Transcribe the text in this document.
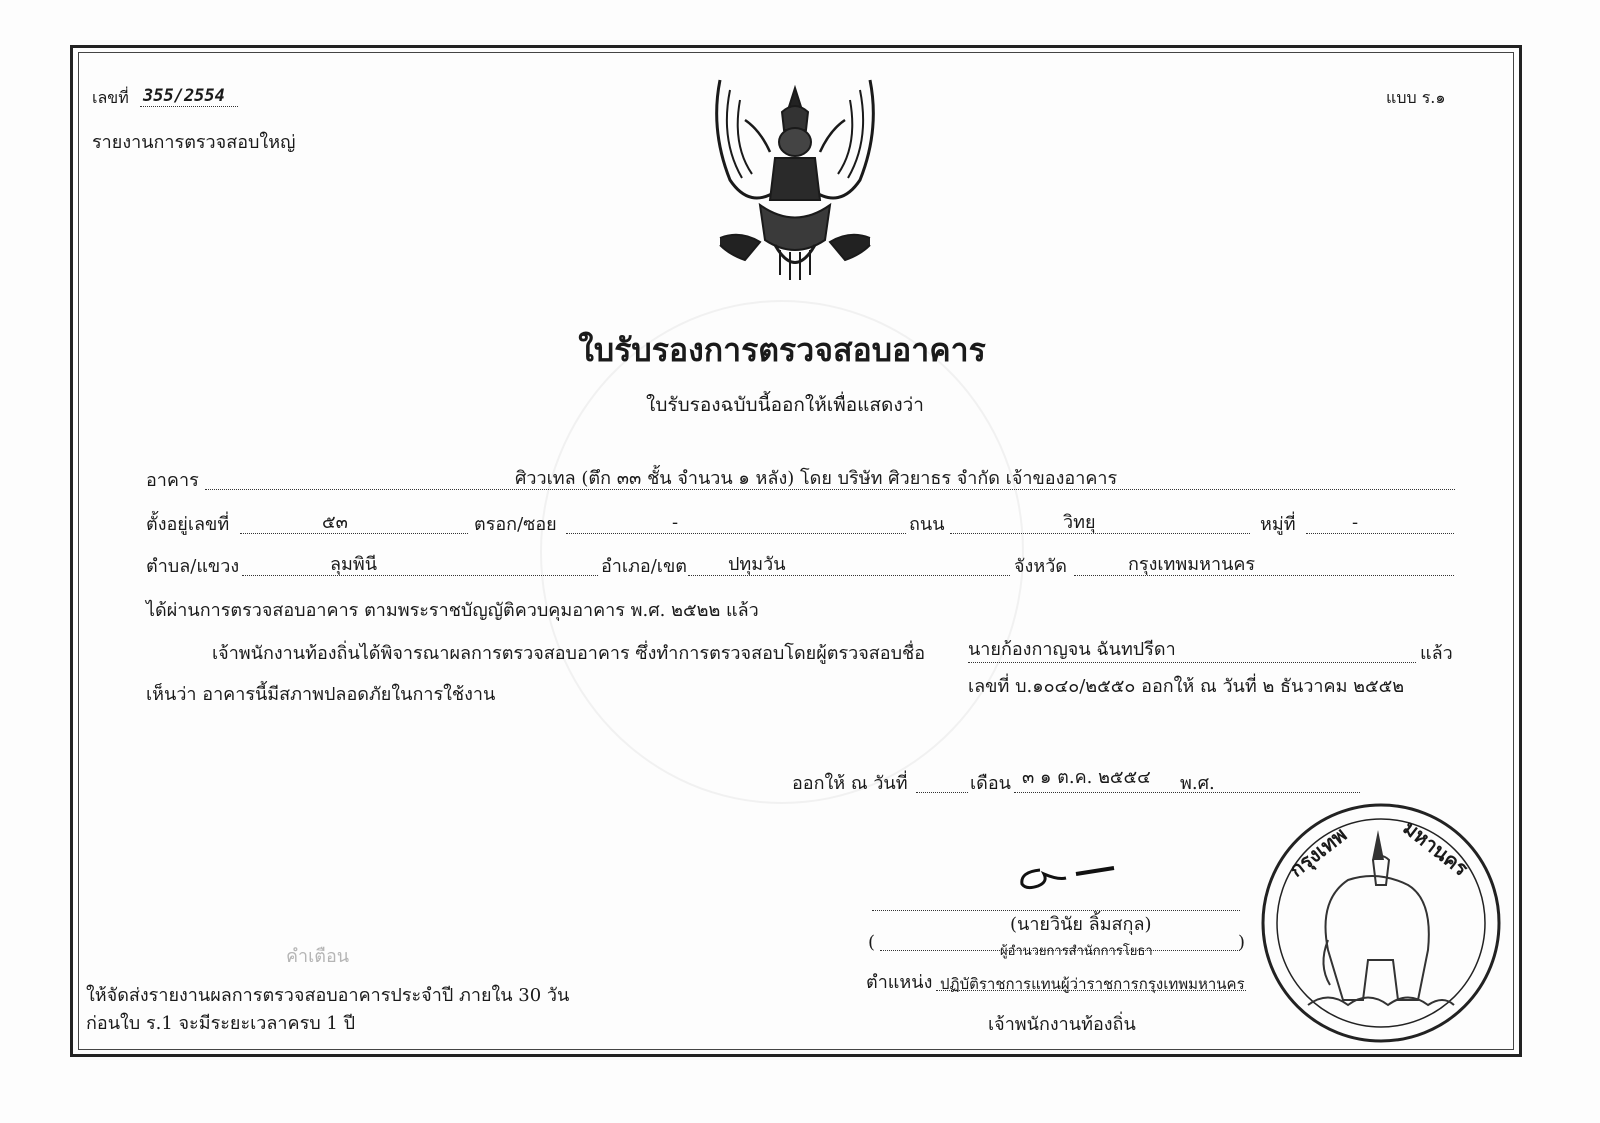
เลขที่ 355/2554	แบบ ร.๑
รายงานการตรวจสอบใหญ่
ใบรับรองการตรวจสอบอาคาร
ใบรับรองฉบับนี้ออกให้เพื่อแสดงว่า
อาคาร	ศิววเทล (ตึก ๓๓ ชั้น จำนวน ๑ หลัง) โดย บริษัท ศิวยาธร จำกัด เจ้าของอาคาร
ตั้งอยู่เลขที่	๕๓	ตรอก/ซอย	-	ถนน	วิทยุ	หมู่ที่	-
ตำบล/แขวง	ลุมพินี	อำเภอ/เขต ปทุมวัน	จังหวัด	กรุงเทพมหานคร
ได้ผ่านการตรวจสอบอาคาร ตามพระราชบัญญัติควบคุมอาคาร พ.ศ. ๒๕๒๒ แล้ว
เจ้าพนักงานท้องถิ่นได้พิจารณาผลการตรวจสอบอาคาร ซึ่งทำการตรวจสอบโดยผู้ตรวจสอบชื่อ นายก้องกาญจน ฉันทปรีดา	แล้ว
เลขที่ บ.๑๐๔๐/๒๕๕๐ ออกให้ ณ วันที่ ๒ ธันวาคม ๒๕๕๒
เห็นว่า อาคารนี้มีสภาพปลอดภัยในการใช้งาน
ออกให้ ณ วันที่	เดือน ๓ ๑ ต.ค. ๒๕๕๔ พ.ศ.
(นายวินัย ลิ้มสกุล)
(	ผู้อำนวยการสำนักการโยธา	)
ตำแหน่ง ปฏิบัติราชการแทนผู้ว่าราชการกรุงเทพมหานคร
เจ้าพนักงานท้องถิ่น
กรุงเทพ มหานคร
คำเตือน
ให้จัดส่งรายงานผลการตรวจสอบอาคารประจำปี ภายใน 30 วัน
ก่อนใบ ร.1 จะมีระยะเวลาครบ 1 ปี
